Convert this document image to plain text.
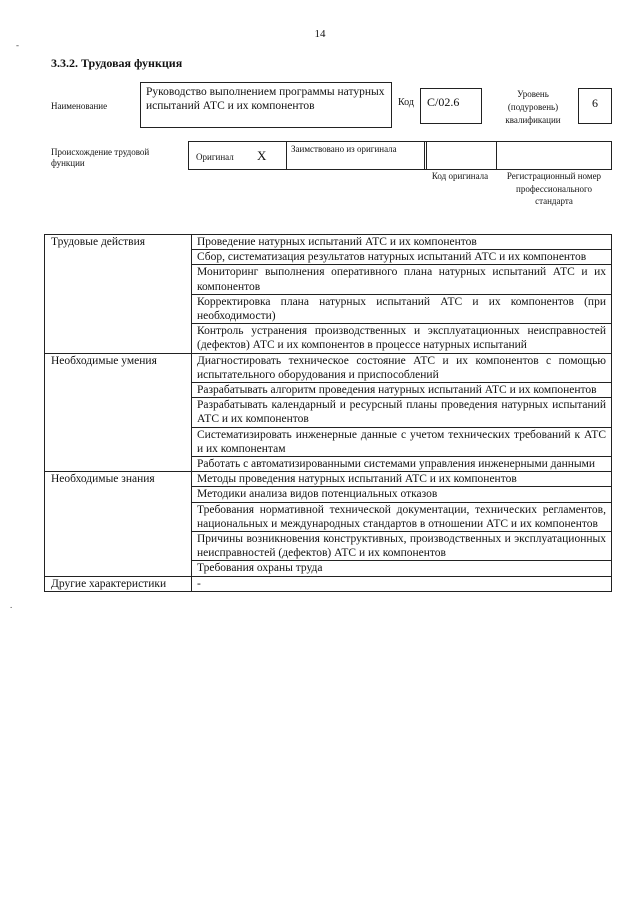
14
-
.
3.3.2. Трудовая функция
Наименование
Руководство выполнением программы натурных испытаний АТС и их компонентов	Код	С/02.6
Уровень (подуровень) квалификации
6
Происхождение трудовой функции
Оригинал X	Заимствовано из оригинала
Код оригинала	Регистрационный номер профессионального стандарта
Трудовые действия	Проведение натурных испытаний АТС и их компонентов
	Сбор, систематизация результатов натурных испытаний АТС и их компонентов
	Мониторинг выполнения оперативного плана натурных испытаний АТС и их компонентов
	Корректировка плана натурных испытаний АТС и их компонентов (при необходимости)
	Контроль устранения производственных и эксплуатационных неисправностей (дефектов) АТС и их компонентов в процессе натурных испытаний
Необходимые умения	Диагностировать техническое состояние АТС и их компонентов с помощью испытательного оборудования и приспособлений
	Разрабатывать алгоритм проведения натурных испытаний АТС и их компонентов
	Разрабатывать календарный и ресурсный планы проведения натурных испытаний АТС и их компонентов
	Систематизировать инженерные данные с учетом технических требований к АТС и их компонентам
	Работать с автоматизированными системами управления инженерными данными
Необходимые знания	Методы проведения натурных испытаний АТС и их компонентов
	Методики анализа видов потенциальных отказов
	Требования нормативной технической документации, технических регламентов, национальных и международных стандартов в отношении АТС и их компонентов
	Причины возникновения конструктивных, производственных и эксплуатационных неисправностей (дефектов) АТС и их компонентов
	Требования охраны труда
Другие характеристики	-
